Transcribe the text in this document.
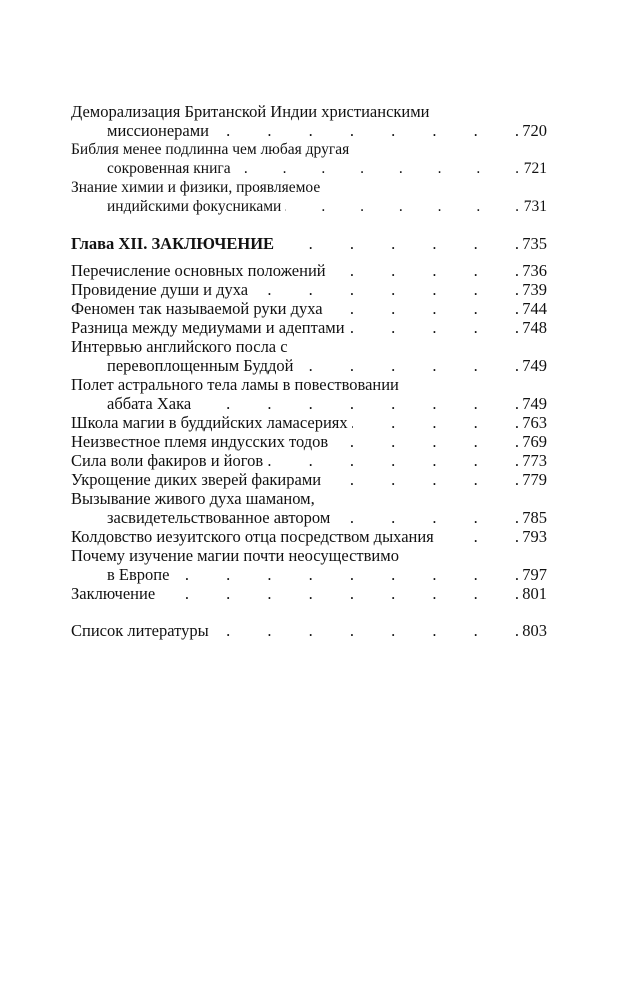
Деморализация Британской Индии христианскими
миссионерами .	720
Библия менее подлинна чем любая другая
сокровенная книга .	721
Знание химии и физики, проявляемое
индийскими фокусниками .	731
Глава XII. ЗАКЛЮЧЕНИЕ .	735
Перечисление основных положений .	736
Провидение души и духа .	739
Феномен так называемой руки духа .	744
Разница между медиумами и адептами .	748
Интервью английского посла с
перевоплощенным Буддой .	749
Полет астрального тела ламы в повествовании
аббата Хака .	749
Школа магии в буддийских ламасериях .	763
Неизвестное племя индусских тодов .	769
Сила воли факиров и йогов .	773
Укрощение диких зверей факирами .	779
Вызывание живого духа шаманом,
засвидетельствованное автором .	785
Колдовство иезуитского отца посредством дыхания .	793
Почему изучение магии почти неосуществимо
в Европе .	797
Заключение .	801
Список литературы .	803
